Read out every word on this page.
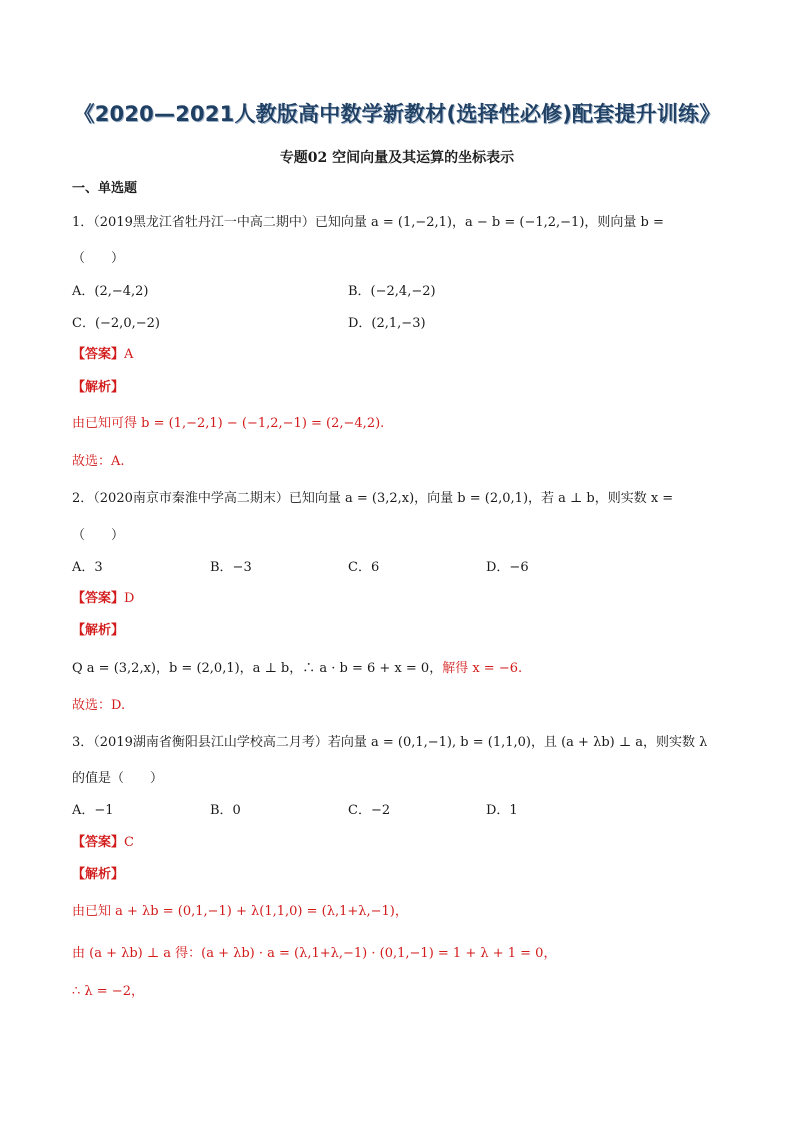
《2020—2021人教版高中数学新教材(选择性必修)配套提升训练》
专题02 空间向量及其运算的坐标表示
一、单选题
1．（2019黑龙江省牡丹江一中高二期中）已知向量 a = (1,−2,1)，a − b = (−1,2,−1)，则向量 b =
（　　）
A．(2,−4,2)	B．(−2,4,−2)
C．(−2,0,−2)	D．(2,1,−3)
【答案】A
【解析】
由已知可得 b = (1,−2,1) − (−1,2,−1) = (2,−4,2).
故选：A.
2．（2020南京市秦淮中学高二期末）已知向量 a = (3,2,x)，向量 b = (2,0,1)，若 a ⊥ b，则实数 x =
（　　）
A．3	B．−3	C．6	D．−6
【答案】D
【解析】
Q a = (3,2,x)，b = (2,0,1)，a ⊥ b，∴ a · b = 6 + x = 0，解得 x = −6.
故选：D.
3．（2019湖南省衡阳县江山学校高二月考）若向量 a = (0,1,−1), b = (1,1,0)，且 (a + λb) ⊥ a，则实数 λ
的值是（　　）
A．−1	B．0	C．−2	D．1
【答案】C
【解析】
由已知 a + λb = (0,1,−1) + λ(1,1,0) = (λ,1+λ,−1)，
由 (a + λb) ⊥ a 得：(a + λb) · a = (λ,1+λ,−1) · (0,1,−1) = 1 + λ + 1 = 0，
∴ λ = −2，
